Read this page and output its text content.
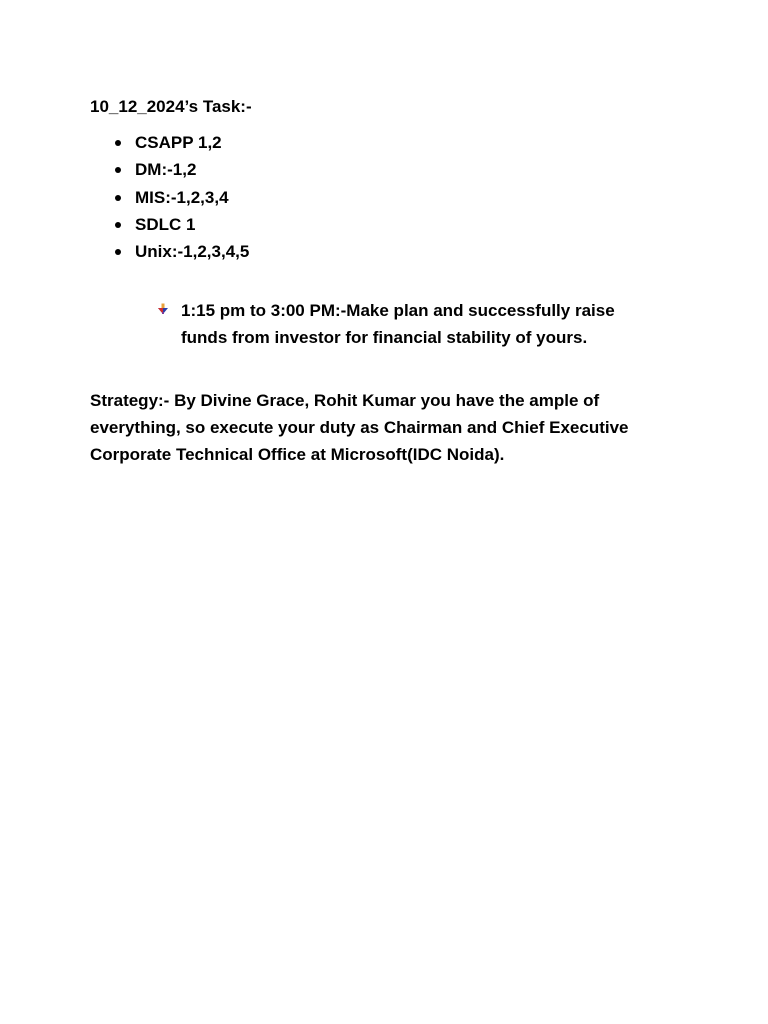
10_12_2024’s Task:-

CSAPP 1,2
DM:-1,2
MIS:-1,2,3,4
SDLC 1
Unix:-1,2,3,4,5

1:15 pm to 3:00 PM:-Make plan and successfully raise funds from investor for financial stability of yours.

Strategy:- By Divine Grace, Rohit Kumar you have the ample of everything, so execute your duty as Chairman and Chief Executive Corporate Technical Office at Microsoft(IDC Noida).
